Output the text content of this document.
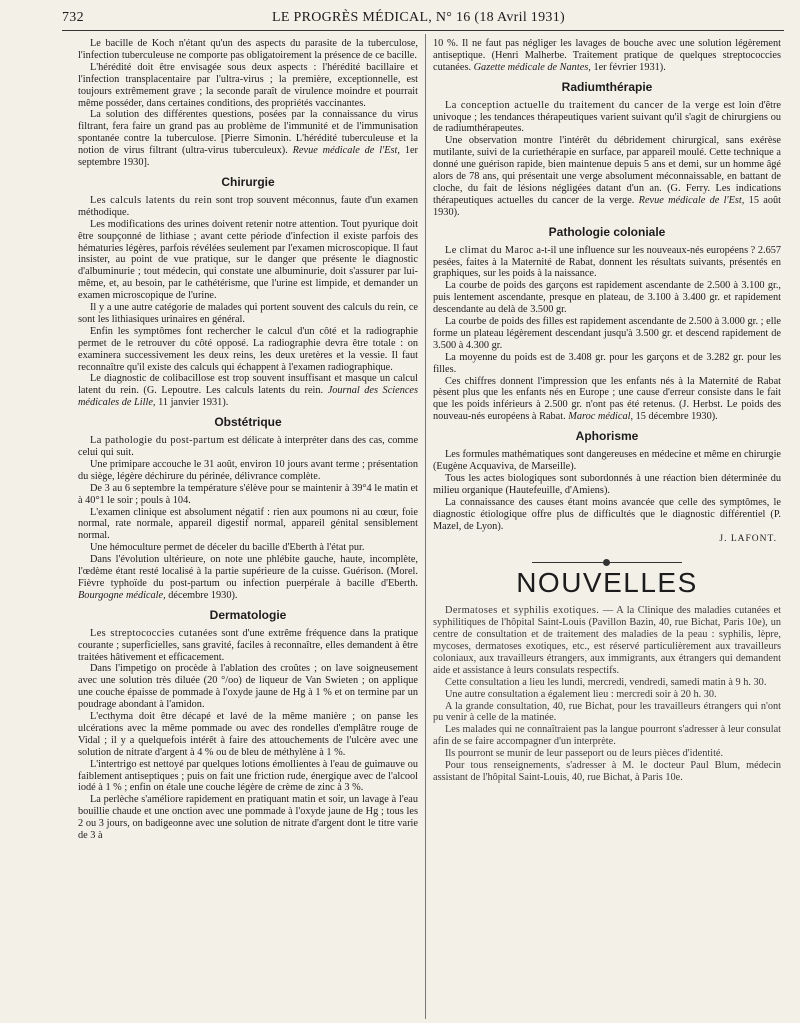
732	LE PROGRÈS MÉDICAL, N° 16 (18 Avril 1931)

Le bacille de Koch n'étant qu'un des aspects du parasite de la tuberculose, l'infection tuberculeuse ne comporte pas obligatoirement la présence de ce bacille.

L'hérédité doit être envisagée sous deux aspects : l'hérédité bacillaire et l'infection transplacentaire par l'ultra-virus ; la première, exceptionnelle, est toujours extrêmement grave ; la seconde paraît de virulence moindre et pourrait même posséder, dans certaines conditions, des propriétés vaccinantes.

La solution des différentes questions, posées par la connaissance du virus filtrant, fera faire un grand pas au problème de l'immunité et de l'immunisation spontanée contre la tuberculose. [Pierre Simonin. L'hérédité tuberculeuse et la notion de virus filtrant (ultra-virus tuberculeux). Revue médicale de l'Est, 1er septembre 1930].

Chirurgie

Les calculs latents du rein sont trop souvent méconnus, faute d'un examen méthodique.

Les modifications des urines doivent retenir notre attention. Tout pyurique doit être soupçonné de lithiase ; avant cette période d'infection il existe parfois des hématuries légères, parfois révélées seulement par l'examen microscopique. Il faut insister, au point de vue pratique, sur le danger que présente le diagnostic d'albuminurie ; tout médecin, qui constate une albuminurie, doit s'assurer par lui-même, et, au besoin, par le cathétérisme, que l'urine est limpide, et demander un examen microscopique de l'urine.

Il y a une autre catégorie de malades qui portent souvent des calculs du rein, ce sont les lithiasiques urinaires en général.

Enfin les symptômes font rechercher le calcul d'un côté et la radiographie permet de le retrouver du côté opposé. La radiographie devra être totale : on examinera successivement les deux reins, les deux uretères et la vessie. Il faut reconnaître qu'il existe des calculs qui échappent à l'examen radiographique.

Le diagnostic de colibacillose est trop souvent insuffisant et masque un calcul latent du rein. (G. Lepoutre. Les calculs latents du rein. Journal des Sciences médicales de Lille, 11 janvier 1931).

Obstétrique

La pathologie du post-partum est délicate à interpréter dans des cas, comme celui qui suit.

Une primipare accouche le 31 août, environ 10 jours avant terme ; présentation du siège, légère déchirure du périnée, délivrance complète.

De 3 au 6 septembre la température s'élève pour se maintenir à 39°4 le matin et à 40°1 le soir ; pouls à 104.

L'examen clinique est absolument négatif : rien aux poumons ni au cœur, foie normal, rate normale, appareil digestif normal, appareil génital sensiblement normal.

Une hémoculture permet de déceler du bacille d'Eberth à l'état pur.

Dans l'évolution ultérieure, on note une phlébite gauche, haute, incomplète, l'œdème étant resté localisé à la partie supérieure de la cuisse. Guérison. (Morel. Fièvre typhoïde du post-partum ou infection puerpérale à bacille d'Eberth. Bourgogne médicale, décembre 1930).

Dermatologie

Les streptococcies cutanées sont d'une extrême fréquence dans la pratique courante ; superficielles, sans gravité, faciles à reconnaître, elles demandent à être traitées hâtivement et efficacement.

Dans l'impetigo on procède à l'ablation des croûtes ; on lave soigneusement avec une solution très diluée (20 °/oo) de liqueur de Van Swieten ; on applique une couche épaisse de pommade à l'oxyde jaune de Hg à 1 % et on termine par un poudrage abondant à l'amidon.

L'ecthyma doit être décapé et lavé de la même manière ; on panse les ulcérations avec la même pommade ou avec des rondelles d'emplâtre rouge de Vidal ; il y a quelquefois intérêt à faire des attouchements de l'ulcère avec une solution de nitrate d'argent à 4 % ou de bleu de méthylène à 1 %.

L'intertrigo est nettoyé par quelques lotions émollientes à l'eau de guimauve ou faiblement antiseptiques ; puis on fait une friction rude, énergique avec de l'alcool iodé à 1 % ; enfin on étale une couche légère de crème de zinc à 3 %.

La perlèche s'améliore rapidement en pratiquant matin et soir, un lavage à l'eau bouillie chaude et une onction avec une pommade à l'oxyde jaune de Hg ; tous les 2 ou 3 jours, on badigeonne avec une solution de nitrate d'argent dont le titre varie de 3 à

10 %. Il ne faut pas négliger les lavages de bouche avec une solution légèrement antiseptique. (Henri Malherbe. Traitement pratique de quelques streptococcies cutanées. Gazette médicale de Nantes, 1er février 1931).

Radiumthérapie

La conception actuelle du traitement du cancer de la verge est loin d'être univoque ; les tendances thérapeutiques varient suivant qu'il s'agit de chirurgiens ou de radiumthérapeutes.

Une observation montre l'intérêt du débridement chirurgical, sans exérèse mutilante, suivi de la curiethérapie en surface, par appareil moulé. Cette technique a donné une guérison rapide, bien maintenue depuis 5 ans et demi, sur un homme âgé alors de 78 ans, qui présentait une verge absolument méconnaissable, en battant de cloche, du fait de lésions négligées datant d'un an. (G. Ferry. Les indications thérapeutiques actuelles du cancer de la verge. Revue médicale de l'Est, 15 août 1930).

Pathologie coloniale

Le climat du Maroc a-t-il une influence sur les nouveaux-nés européens ? 2.657 pesées, faites à la Maternité de Rabat, donnent les résultats suivants, présentés en graphiques, sur les poids à la naissance.

La courbe de poids des garçons est rapidement ascendante de 2.500 à 3.100 gr., puis lentement ascendante, presque en plateau, de 3.100 à 3.400 gr. et rapidement descendante au delà de 3.500 gr.

La courbe de poids des filles est rapidement ascendante de 2.500 à 3.000 gr. ; elle forme un plateau légèrement descendant jusqu'à 3.500 gr. et descend rapidement de 3.500 à 4.300 gr.

La moyenne du poids est de 3.408 gr. pour les garçons et de 3.282 gr. pour les filles.

Ces chiffres donnent l'impression que les enfants nés à la Maternité de Rabat pèsent plus que les enfants nés en Europe ; une cause d'erreur consiste dans le fait que les poids inférieurs à 2.500 gr. n'ont pas été retenus. (J. Herbst. Le poids des nouveau-nés européens à Rabat. Maroc médical, 15 décembre 1930).

Aphorisme

Les formules mathématiques sont dangereuses en médecine et même en chirurgie (Eugène Acquaviva, de Marseille).

Tous les actes biologiques sont subordonnés à une réaction bien déterminée du milieu organique (Hautefeuille, d'Amiens).

La connaissance des causes étant moins avancée que celle des symptômes, le diagnostic étiologique offre plus de difficultés que le diagnostic différentiel (P. Mazel, de Lyon).

J. LAFONT.
NOUVELLES

Dermatoses et syphilis exotiques. — A la Clinique des maladies cutanées et syphilitiques de l'hôpital Saint-Louis (Pavillon Bazin, 40, rue Bichat, Paris 10e), un centre de consultation et de traitement des maladies de la peau : syphilis, lèpre, mycoses, dermatoses exotiques, etc., est réservé particulièrement aux travailleurs coloniaux, aux travailleurs étrangers, aux immigrants, aux étrangers qui demandent aide et assistance à leurs consulats respectifs.

Cette consultation a lieu les lundi, mercredi, vendredi, samedi matin à 9 h. 30.

Une autre consultation a également lieu : mercredi soir à 20 h. 30.

A la grande consultation, 40, rue Bichat, pour les travailleurs étrangers qui n'ont pu venir à celle de la matinée.

Les malades qui ne connaîtraient pas la langue pourront s'adresser à leur consulat afin de se faire accompagner d'un interprète.

Ils pourront se munir de leur passeport ou de leurs pièces d'identité.

Pour tous renseignements, s'adresser à M. le docteur Paul Blum, médecin assistant de l'hôpital Saint-Louis, 40, rue Bichat, à Paris 10e.
